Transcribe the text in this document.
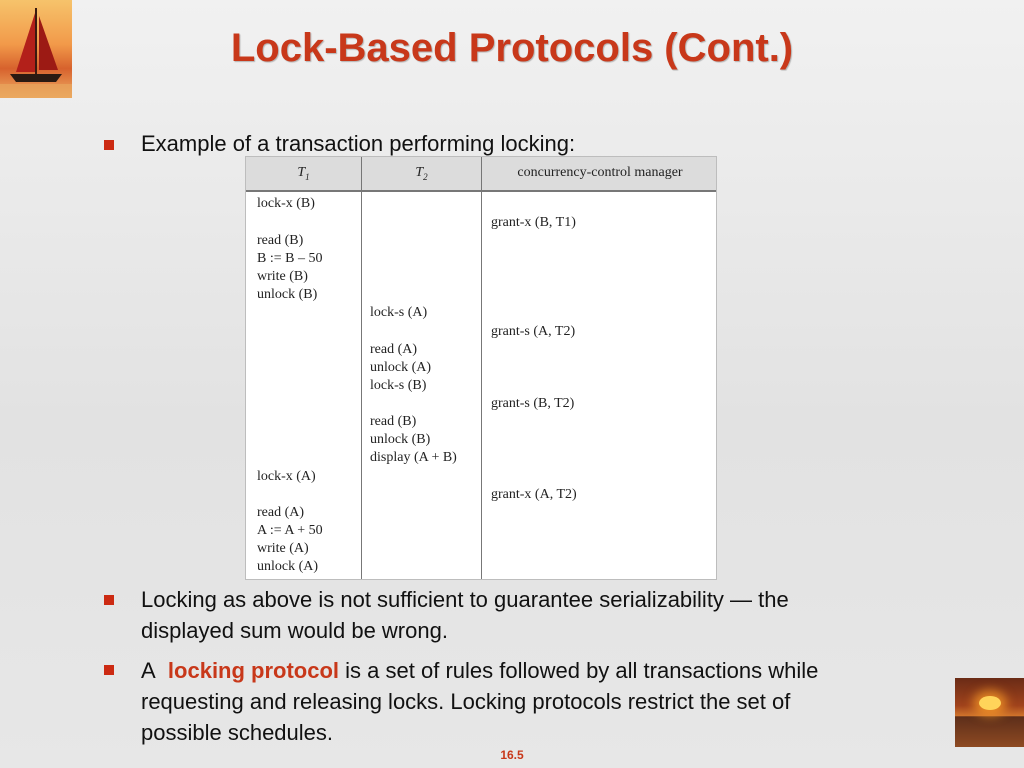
Lock-Based Protocols (Cont.)
Example of a transaction performing locking:
$T_1$	$T_2$	concurrency-control manager
lock-x (B)
read (B)
B := B – 50
write (B)
unlock (B)
lock-x (A)
read (A)
A := A + 50
write (A)
unlock (A)
lock-s (A)
read (A)
unlock (A)
lock-s (B)
read (B)
unlock (B)
display (A + B)
grant-x (B, T1)
grant-s (A, T2)
grant-s (B, T2)
grant-x (A, T2)
Locking as above is not sufficient to guarantee serializability — the
displayed sum would be wrong.
A locking protocol is a set of rules followed by all transactions while
requesting and releasing locks. Locking protocols restrict the set of
possible schedules.
16.5
